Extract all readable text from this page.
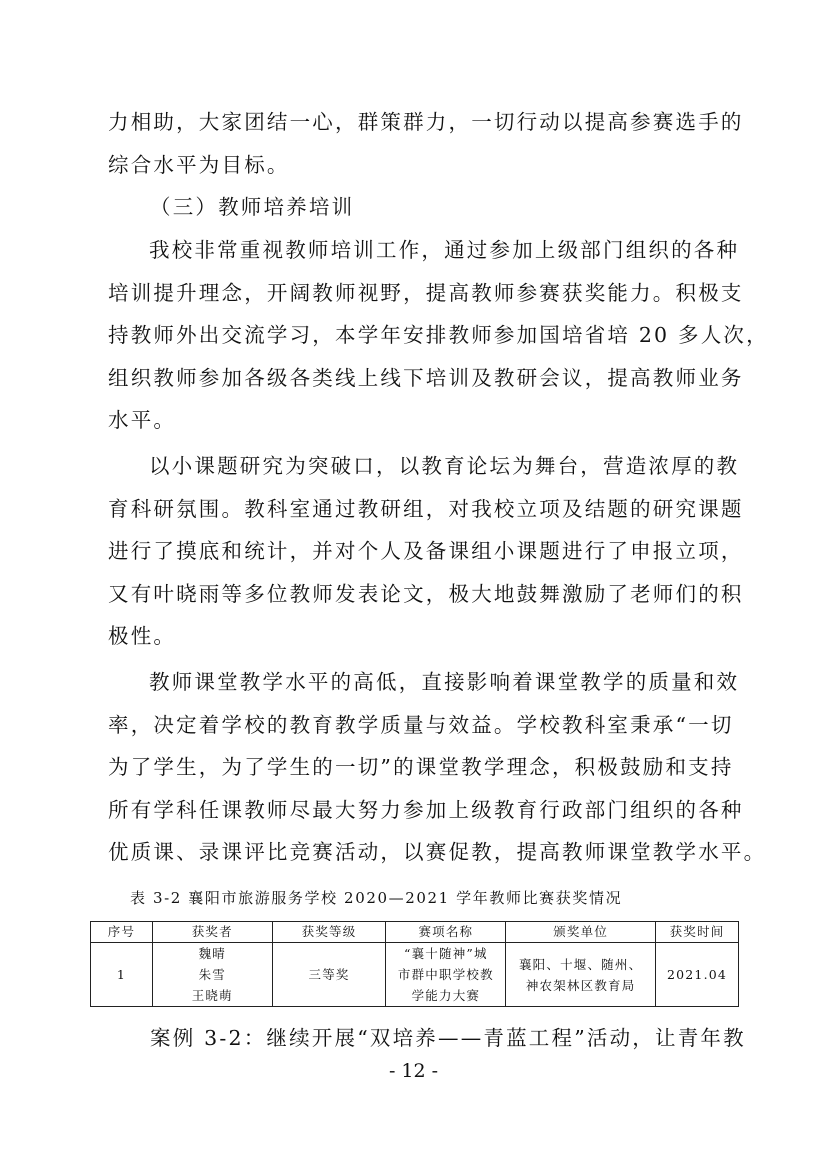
力相助，大家团结一心，群策群力，一切行动以提高参赛选手的
综合水平为目标。
（三）教师培养培训
我校非常重视教师培训工作，通过参加上级部门组织的各种
培训提升理念，开阔教师视野，提高教师参赛获奖能力。积极支
持教师外出交流学习，本学年安排教师参加国培省培 20 多人次，
组织教师参加各级各类线上线下培训及教研会议，提高教师业务
水平。
以小课题研究为突破口，以教育论坛为舞台，营造浓厚的教
育科研氛围。教科室通过教研组，对我校立项及结题的研究课题
进行了摸底和统计，并对个人及备课组小课题进行了申报立项，
又有叶晓雨等多位教师发表论文，极大地鼓舞激励了老师们的积
极性。
教师课堂教学水平的高低，直接影响着课堂教学的质量和效
率，决定着学校的教育教学质量与效益。学校教科室秉承“一切
为了学生，为了学生的一切”的课堂教学理念，积极鼓励和支持
所有学科任课教师尽最大努力参加上级教育行政部门组织的各种
优质课、录课评比竞赛活动，以赛促教，提高教师课堂教学水平。
表 3-2 襄阳市旅游服务学校 2020—2021 学年教师比赛获奖情况
序号	获奖者	获奖等级	赛项名称	颁奖单位	获奖时间
1	魏晴
朱雪
王晓萌	三等奖	“襄十随神”城
市群中职学校教
学能力大赛	襄阳、十堰、随州、
神农架林区教育局	2021.04
案例 3-2：继续开展“双培养——青蓝工程”活动，让青年教
- 12 -
